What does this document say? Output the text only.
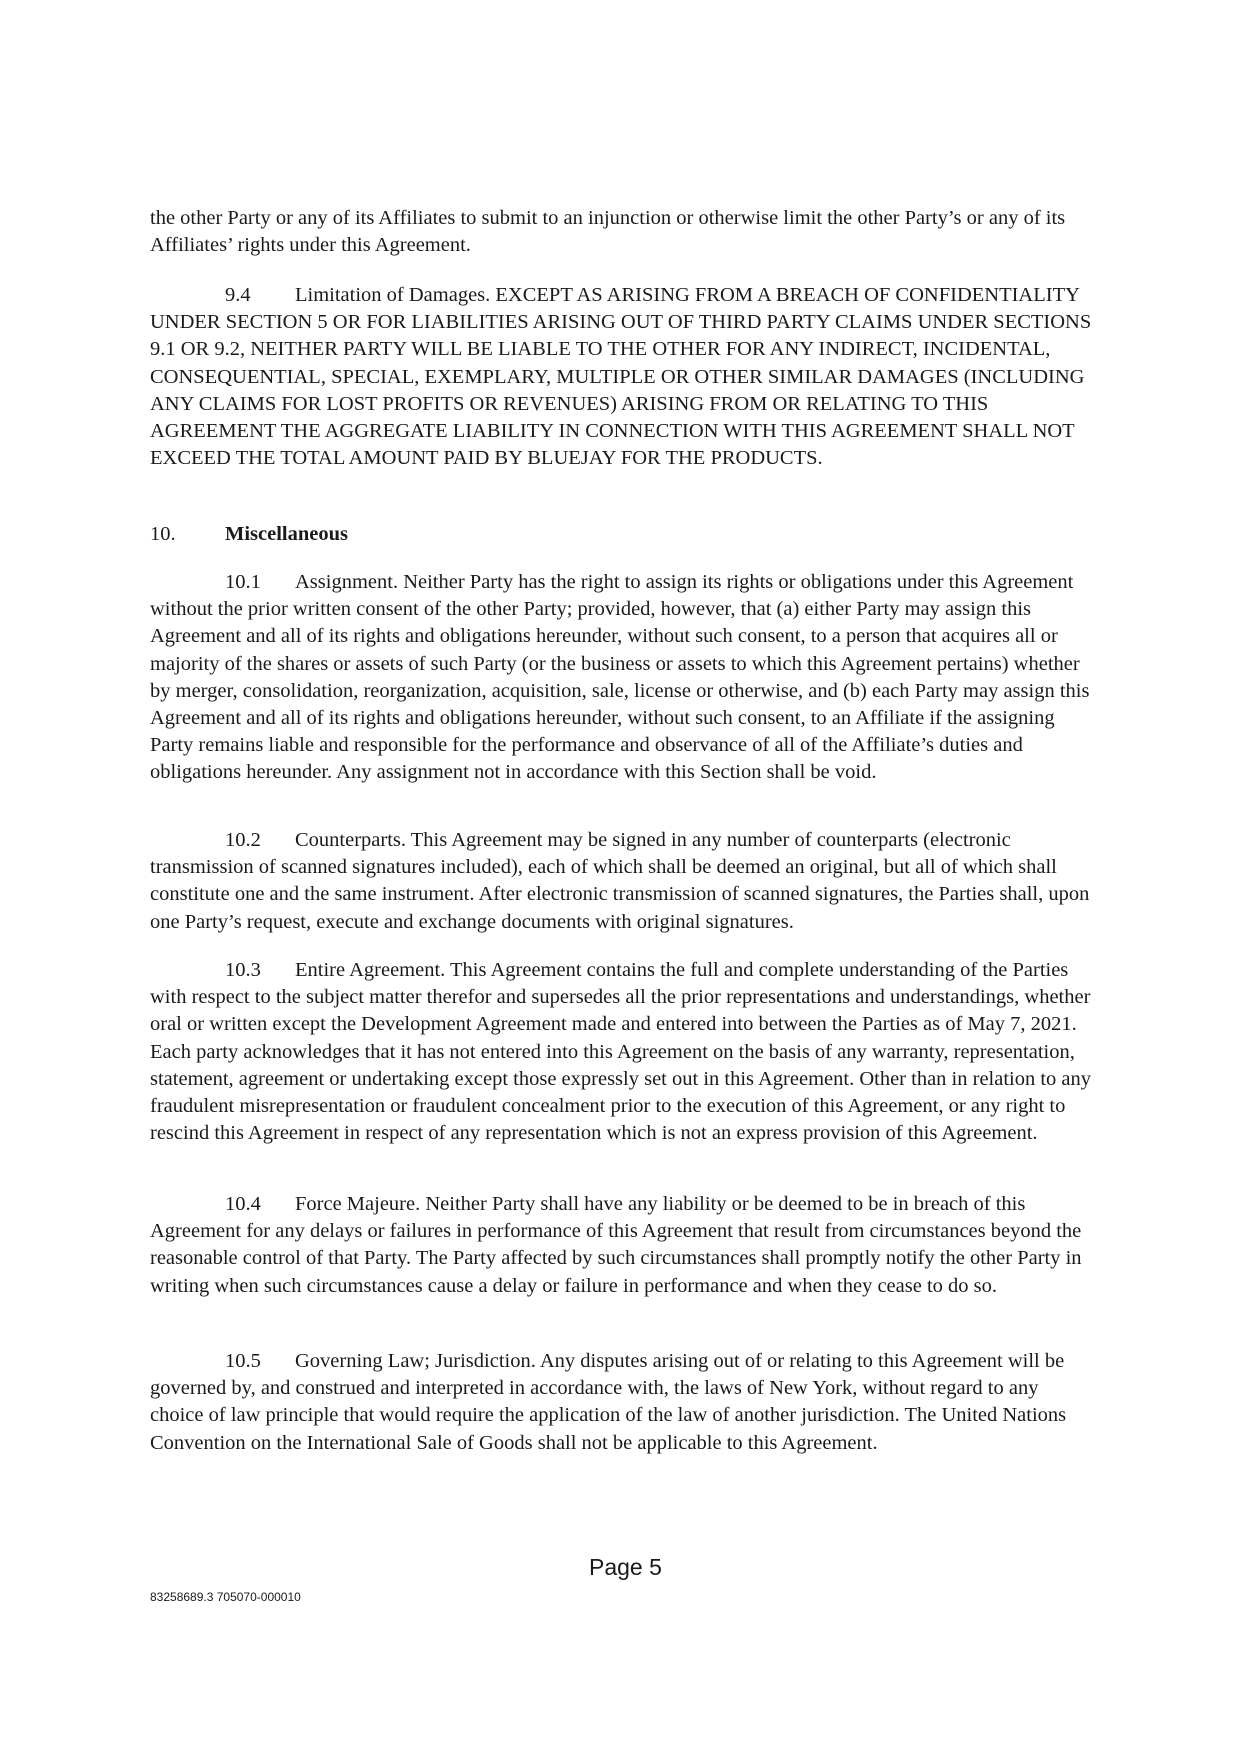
the other Party or any of its Affiliates to submit to an injunction or otherwise limit the other Party’s or any of its Affiliates’ rights under this Agreement.

9.4 Limitation of Damages. EXCEPT AS ARISING FROM A BREACH OF CONFIDENTIALITY UNDER SECTION 5 OR FOR LIABILITIES ARISING OUT OF THIRD PARTY CLAIMS UNDER SECTIONS 9.1 OR 9.2, NEITHER PARTY WILL BE LIABLE TO THE OTHER FOR ANY INDIRECT, INCIDENTAL, CONSEQUENTIAL, SPECIAL, EXEMPLARY, MULTIPLE OR OTHER SIMILAR DAMAGES (INCLUDING ANY CLAIMS FOR LOST PROFITS OR REVENUES) ARISING FROM OR RELATING TO THIS AGREEMENT THE AGGREGATE LIABILITY IN CONNECTION WITH THIS AGREEMENT SHALL NOT EXCEED THE TOTAL AMOUNT PAID BY BLUEJAY FOR THE PRODUCTS.

10. Miscellaneous

10.1 Assignment. Neither Party has the right to assign its rights or obligations under this Agreement without the prior written consent of the other Party; provided, however, that (a) either Party may assign this Agreement and all of its rights and obligations hereunder, without such consent, to a person that acquires all or majority of the shares or assets of such Party (or the business or assets to which this Agreement pertains) whether by merger, consolidation, reorganization, acquisition, sale, license or otherwise, and (b) each Party may assign this Agreement and all of its rights and obligations hereunder, without such consent, to an Affiliate if the assigning Party remains liable and responsible for the performance and observance of all of the Affiliate’s duties and obligations hereunder. Any assignment not in accordance with this Section shall be void.

10.2 Counterparts. This Agreement may be signed in any number of counterparts (electronic transmission of scanned signatures included), each of which shall be deemed an original, but all of which shall constitute one and the same instrument. After electronic transmission of scanned signatures, the Parties shall, upon one Party’s request, execute and exchange documents with original signatures.

10.3 Entire Agreement. This Agreement contains the full and complete understanding of the Parties with respect to the subject matter therefor and supersedes all the prior representations and understandings, whether oral or written except the Development Agreement made and entered into between the Parties as of May 7, 2021. Each party acknowledges that it has not entered into this Agreement on the basis of any warranty, representation, statement, agreement or undertaking except those expressly set out in this Agreement. Other than in relation to any fraudulent misrepresentation or fraudulent concealment prior to the execution of this Agreement, or any right to rescind this Agreement in respect of any representation which is not an express provision of this Agreement.

10.4 Force Majeure. Neither Party shall have any liability or be deemed to be in breach of this Agreement for any delays or failures in performance of this Agreement that result from circumstances beyond the reasonable control of that Party. The Party affected by such circumstances shall promptly notify the other Party in writing when such circumstances cause a delay or failure in performance and when they cease to do so.

10.5 Governing Law; Jurisdiction. Any disputes arising out of or relating to this Agreement will be governed by, and construed and interpreted in accordance with, the laws of New York, without regard to any choice of law principle that would require the application of the law of another jurisdiction. The United Nations Convention on the International Sale of Goods shall not be applicable to this Agreement.

Page 5
83258689.3 705070-000010
